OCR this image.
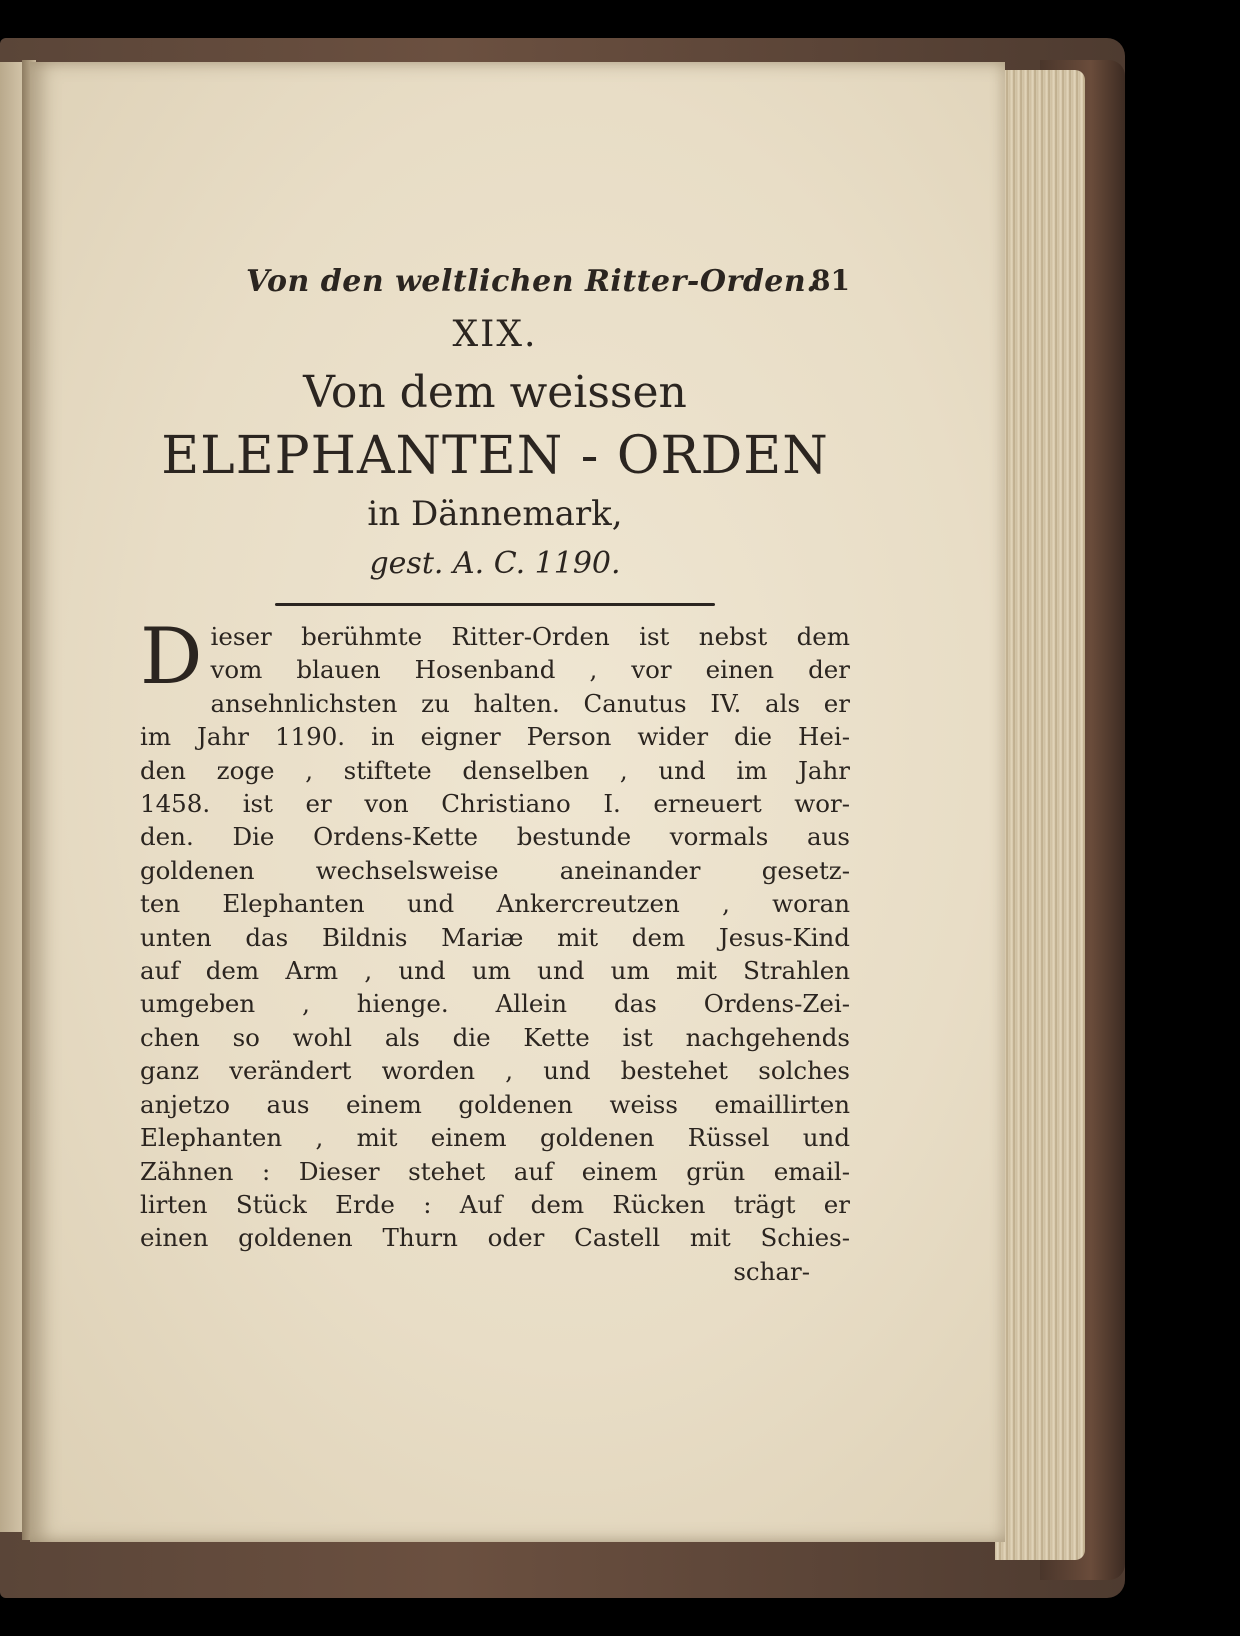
Von den weltlichen Ritter-Orden.
81
XIX.
Von dem weissen
ELEPHANTEN - ORDEN
in Dännemark,
gest. A. C. 1190.
D ieser berühmte Ritter-Orden ist nebst dem
vom blauen Hosenband , vor einen der
ansehnlichsten zu halten. Canutus IV. als er
im Jahr 1190. in eigner Person wider die Hei-
den zoge , stiftete denselben , und im Jahr
1458. ist er von Christiano I. erneuert wor-
den. Die Ordens-Kette bestunde vormals aus
goldenen wechselsweise aneinander gesetz-
ten Elephanten und Ankercreutzen , woran
unten das Bildnis Mariæ mit dem Jesus-Kind
auf dem Arm , und um und um mit Strahlen
umgeben , hienge. Allein das Ordens-Zei-
chen so wohl als die Kette ist nachgehends
ganz verändert worden , und bestehet solches
anjetzo aus einem goldenen weiss emaillirten
Elephanten , mit einem goldenen Rüssel und
Zähnen : Dieser stehet auf einem grün email-
lirten Stück Erde : Auf dem Rücken trägt er
einen goldenen Thurn oder Castell mit Schies-
schar-
